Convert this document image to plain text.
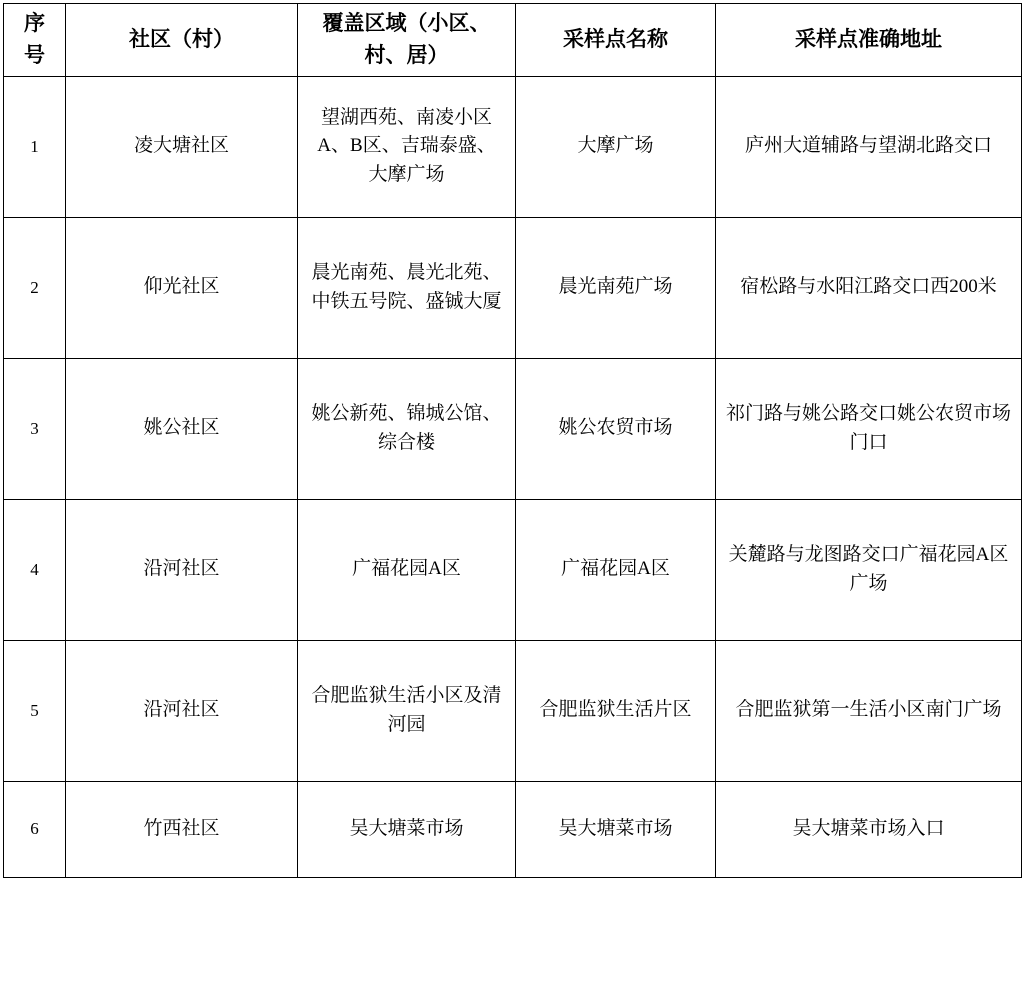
序号	社区（村）	覆盖区域（小区、村、居）	采样点名称	采样点准确地址
1	凌大塘社区	望湖西苑、南凌小区A、B区、吉瑞泰盛、大摩广场	大摩广场	庐州大道辅路与望湖北路交口
2	仰光社区	晨光南苑、晨光北苑、中铁五号院、盛铖大厦	晨光南苑广场	宿松路与水阳江路交口西200米
3	姚公社区	姚公新苑、锦城公馆、综合楼	姚公农贸市场	祁门路与姚公路交口姚公农贸市场门口
4	沿河社区	广福花园A区	广福花园A区	关麓路与龙图路交口广福花园A区广场
5	沿河社区	合肥监狱生活小区及清河园	合肥监狱生活片区	合肥监狱第一生活小区南门广场
6	竹西社区	吴大塘菜市场	吴大塘菜市场	吴大塘菜市场入口
